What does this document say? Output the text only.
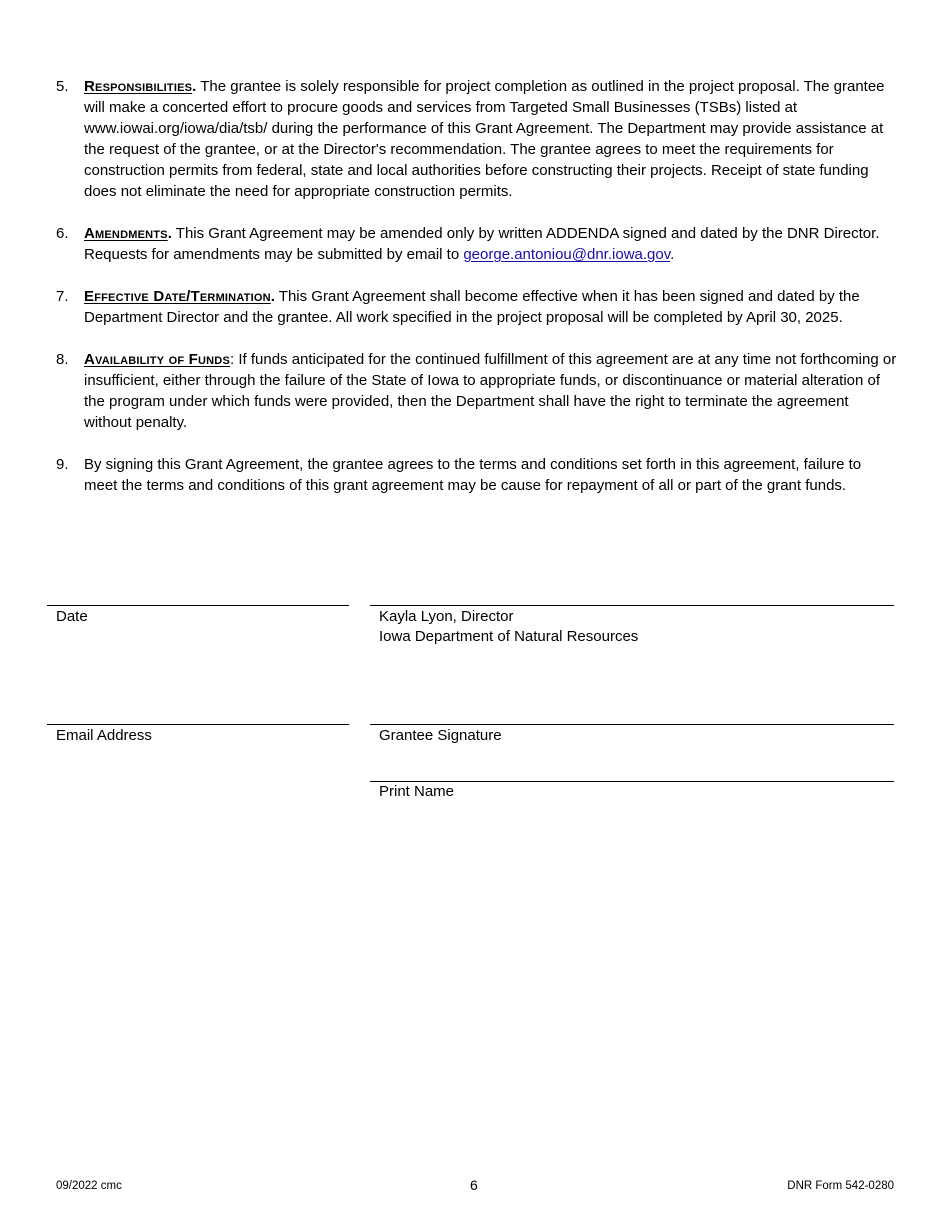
5. Responsibilities. The grantee is solely responsible for project completion as outlined in the project proposal. The grantee will make a concerted effort to procure goods and services from Targeted Small Businesses (TSBs) listed at www.iowai.org/iowa/dia/tsb/ during the performance of this Grant Agreement. The Department may provide assistance at the request of the grantee, or at the Director's recommendation. The grantee agrees to meet the requirements for construction permits from federal, state and local authorities before constructing their projects. Receipt of state funding does not eliminate the need for appropriate construction permits.
6. Amendments. This Grant Agreement may be amended only by written ADDENDA signed and dated by the DNR Director. Requests for amendments may be submitted by email to george.antoniou@dnr.iowa.gov.
7. Effective Date/Termination. This Grant Agreement shall become effective when it has been signed and dated by the Department Director and the grantee. All work specified in the project proposal will be completed by April 30, 2025.
8. Availability of Funds: If funds anticipated for the continued fulfillment of this agreement are at any time not forthcoming or insufficient, either through the failure of the State of Iowa to appropriate funds, or discontinuance or material alteration of the program under which funds were provided, then the Department shall have the right to terminate the agreement without penalty.
9. By signing this Grant Agreement, the grantee agrees to the terms and conditions set forth in this agreement, failure to meet the terms and conditions of this grant agreement may be cause for repayment of all or part of the grant funds.
Date	Kayla Lyon, Director
Iowa Department of Natural Resources
Email Address	Grantee Signature
Print Name
09/2022 cmc	6	DNR Form 542-0280
